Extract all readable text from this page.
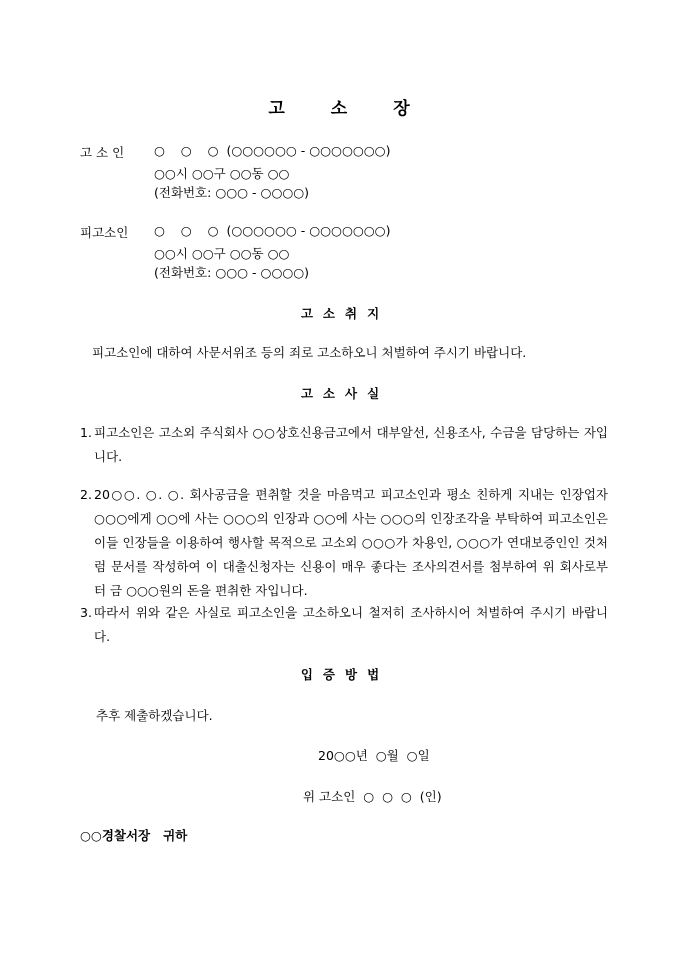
고	소	장
고 소 인	○    ○    ○  (○○○○○○ - ○○○○○○○)
○○시 ○○구 ○○동 ○○
(전화번호: ○○○ - ○○○○)
피고소인	○    ○    ○  (○○○○○○ - ○○○○○○○)
○○시 ○○구 ○○동 ○○
(전화번호: ○○○ - ○○○○)
고 소 취 지
피고소인에 대하여 사문서위조 등의 죄로 고소하오니 처벌하여 주시기 바랍니다.
고 소 사 실
1. 피고소인은 고소외 주식회사 ○○상호신용금고에서 대부알선, 신용조사, 수금을 담당하는 자입니다.
2. 20○○. ○. ○. 회사공금을 편취할 것을 마음먹고 피고소인과 평소 친하게 지내는 인장업자 ○○○에게 ○○에 사는 ○○○의 인장과 ○○에 사는 ○○○의 인장조각을 부탁하여 피고소인은 이들 인장들을 이용하여 행사할 목적으로 고소외 ○○○가 차용인, ○○○가 연대보증인인 것처럼 문서를 작성하여 이 대출신청자는 신용이 매우 좋다는 조사의견서를 첨부하여 위 회사로부터 금 ○○○원의 돈을 편취한 자입니다.
3. 따라서 위와 같은 사실로 피고소인을 고소하오니 철저히 조사하시어 처벌하여 주시기 바랍니다.
입 증 방 법
추후 제출하겠습니다.
20○○년  ○월  ○일
위 고소인  ○  ○  ○  (인)
○○경찰서장   귀하
